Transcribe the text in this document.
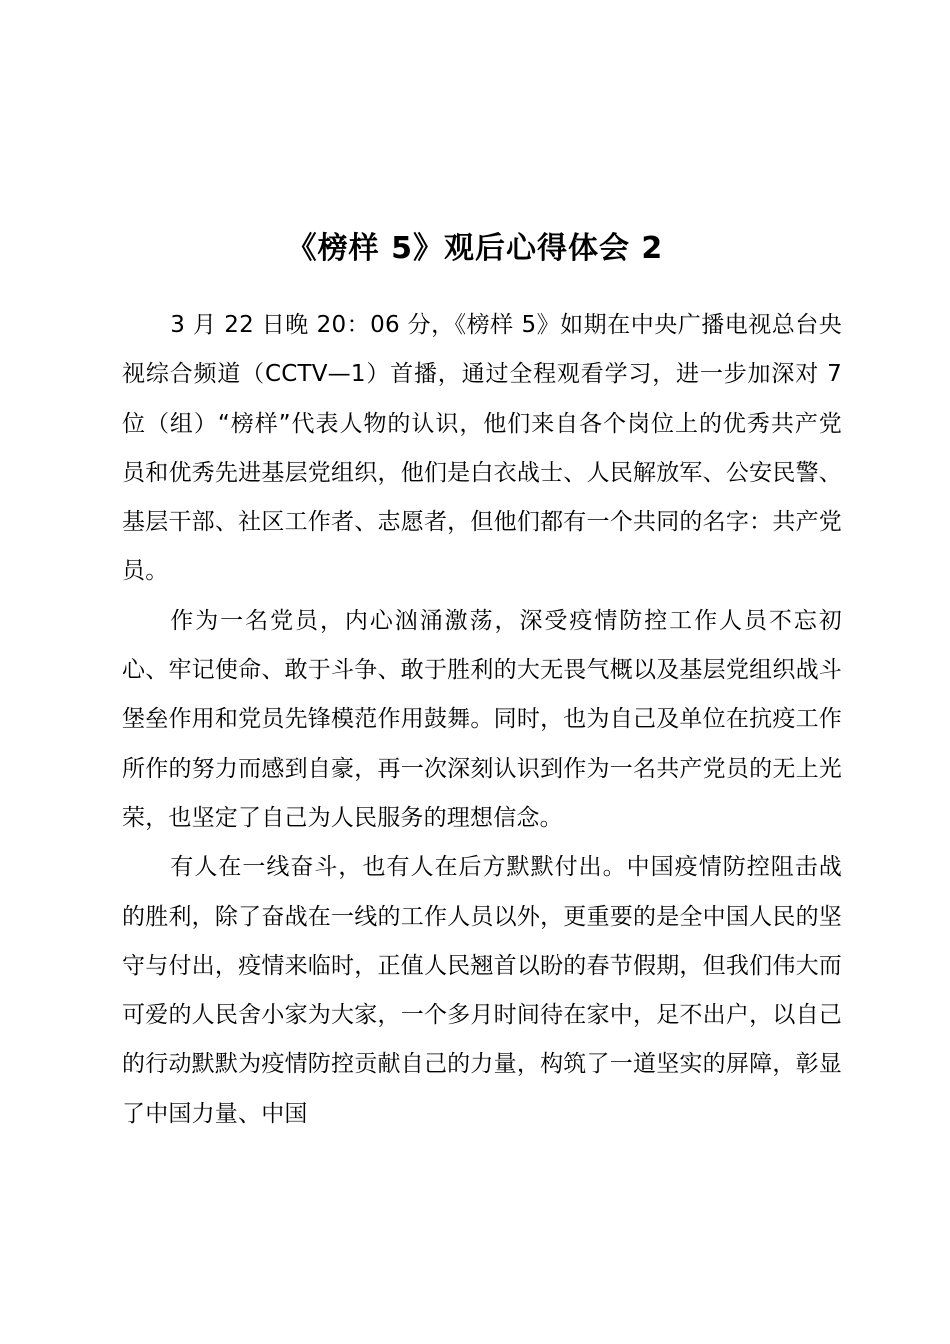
《榜样 5》观后心得体会 2

3 月 22 日晚 20：06 分，《榜样 5》如期在中央广播电视总台央视综合频道（CCTV—1）首播，通过全程观看学习，进一步加深对 7 位（组）“榜样”代表人物的认识，他们来自各个岗位上的优秀共产党员和优秀先进基层党组织，他们是白衣战士、人民解放军、公安民警、基层干部、社区工作者、志愿者，但他们都有一个共同的名字：共产党员。

作为一名党员，内心汹涌激荡，深受疫情防控工作人员不忘初心、牢记使命、敢于斗争、敢于胜利的大无畏气概以及基层党组织战斗堡垒作用和党员先锋模范作用鼓舞。同时，也为自己及单位在抗疫工作所作的努力而感到自豪，再一次深刻认识到作为一名共产党员的无上光荣，也坚定了自己为人民服务的理想信念。

有人在一线奋斗，也有人在后方默默付出。中国疫情防控阻击战的胜利，除了奋战在一线的工作人员以外，更重要的是全中国人民的坚守与付出，疫情来临时，正值人民翘首以盼的春节假期，但我们伟大而可爱的人民舍小家为大家，一个多月时间待在家中，足不出户，以自己的行动默默为疫情防控贡献自己的力量，构筑了一道坚实的屏障，彰显了中国力量、中国
